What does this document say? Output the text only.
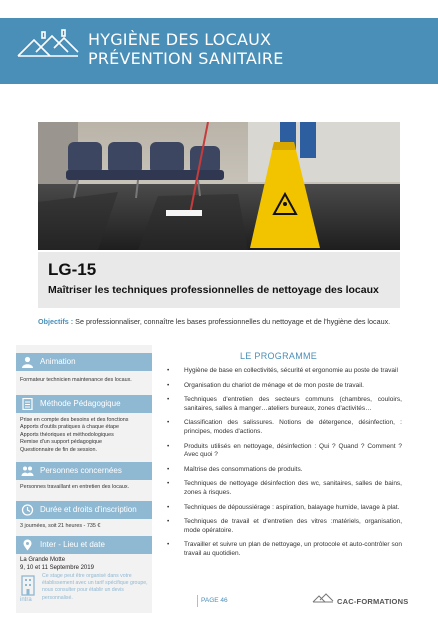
HYGIÈNE DES LOCAUX
PRÉVENTION SANITAIRE
LG-15
Maîtriser les techniques professionnelles de nettoyage des locaux
Objectifs : Se professionnaliser, connaître les bases professionnelles du nettoyage et de l'hygiène des locaux.
Animation
Formateur technicien maintenance des locaux.
Méthode Pédagogique
Prise en compte des besoins et des fonctions
Apports d'outils pratiques à chaque étape
Apports théoriques et méthodologiques
Remise d'un support pédagogique
Questionnaire de fin de session.
Personnes concernées
Personnes travaillant en entretien des locaux.
Durée et droits d'inscription
3 journées, soit 21 heures - 735 €
Inter - Lieu et date
La Grande Motte
9, 10 et 11 Septembre 2019
intra
Ce stage peut être organisé dans votre établissement avec un tarif spécifique groupe, nous consulter pour établir un devis personnalisé.
LE PROGRAMME
• Hygiène de base en collectivités, sécurité et ergonomie au poste de travail
• Organisation du chariot de ménage et de mon poste de travail.
• Techniques d'entretien des secteurs communs (chambres, couloirs, sanitaires, salles à manger…ateliers bureaux, zones d'activités…
• Classification des salissures. Notions de détergence, désinfection, : principes, modes d'actions.
• Produits utilisés en nettoyage, désinfection : Qui ? Quand ? Comment ? Avec quoi ?
• Maîtrise des consommations de produits.
• Techniques de nettoyage désinfection des wc, sanitaires, salles de bains, zones à risques.
• Techniques de dépoussiérage : aspiration, balayage humide, lavage à plat.
• Techniques de travail et d'entretien des vitres :matériels, organisation, mode opératoire.
• Travailler et suivre un plan de nettoyage, un protocole et auto-contrôler son travail au quotidien.
PAGE 46	CAC-FORMATIONS
